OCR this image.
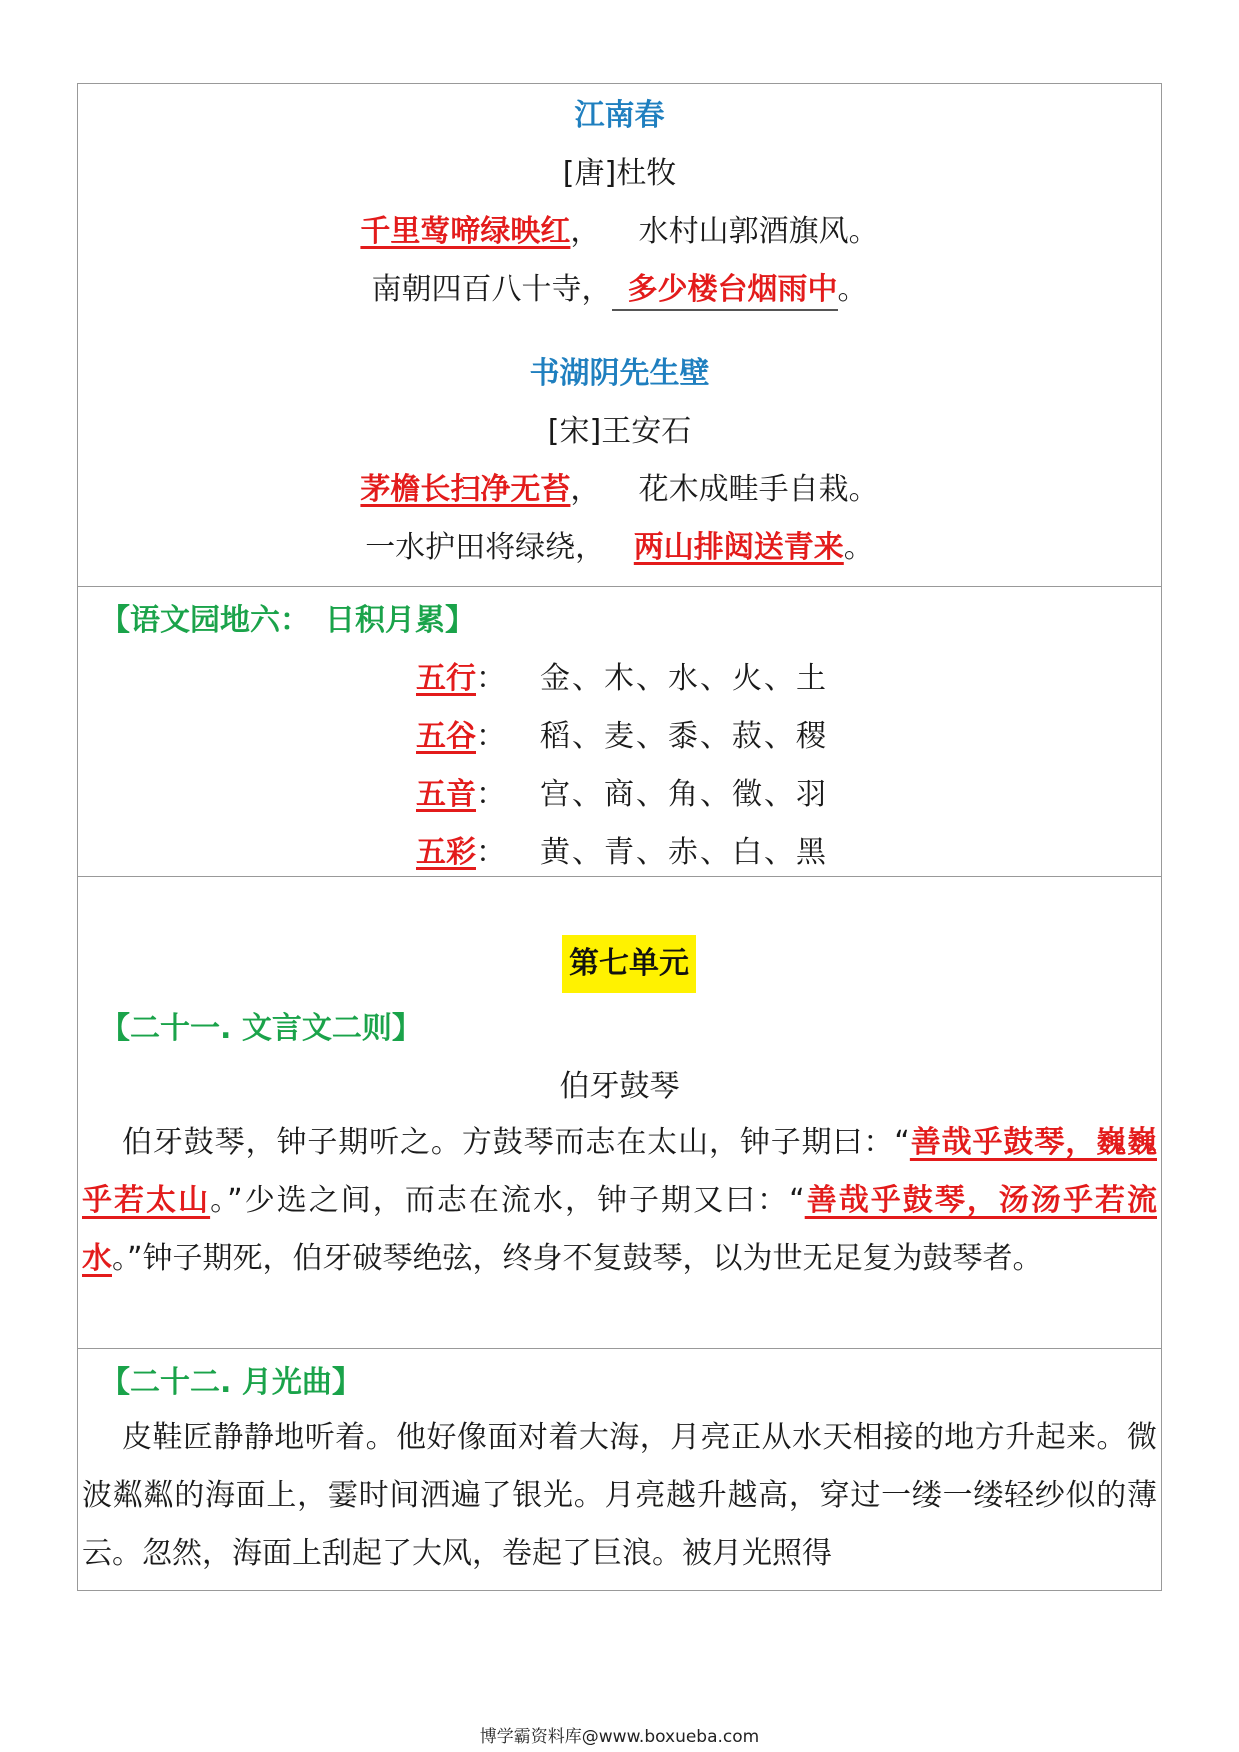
江南春
[唐]杜牧
千里莺啼绿映红， 水村山郭酒旗风。
南朝四百八十寺， 多少楼台烟雨中。
书湖阴先生壁
[宋]王安石
茅檐长扫净无苔， 花木成畦手自栽。
一水护田将绿绕， 两山排闼送青来。
【语文园地六：　日积月累】
五行： 金、木、水、火、土
五谷： 稻、麦、黍、菽、稷
五音： 宫、商、角、徵、羽
五彩： 黄、青、赤、白、黑
第七单元
【二十一. 文言文二则】
伯牙鼓琴
伯牙鼓琴，钟子期听之。方鼓琴而志在太山，钟子期曰：“善哉乎鼓琴，巍巍乎若太山。”少选之间，而志在流水，钟子期又曰：“善哉乎鼓琴，汤汤乎若流水。”钟子期死，伯牙破琴绝弦，终身不复鼓琴，以为世无足复为鼓琴者。
【二十二. 月光曲】
皮鞋匠静静地听着。他好像面对着大海，月亮正从水天相接的地方升起来。微波粼粼的海面上，霎时间洒遍了银光。月亮越升越高，穿过一缕一缕轻纱似的薄云。忽然，海面上刮起了大风，卷起了巨浪。被月光照得
博学霸资料库@www.boxueba.com
